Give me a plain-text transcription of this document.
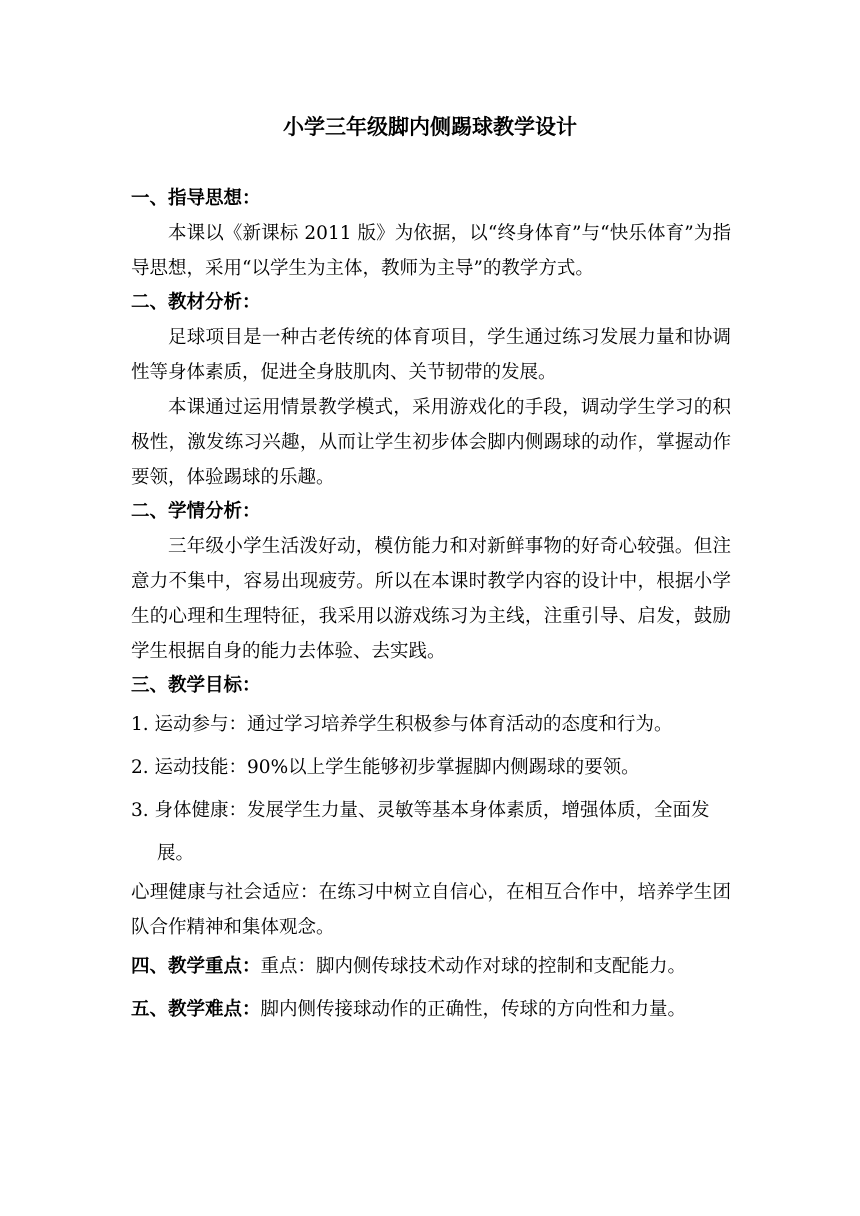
小学三年级脚内侧踢球教学设计

一、指导思想：

本课以《新课标 2011 版》为依据，以“终身体育”与“快乐体育”为指导思想，采用“以学生为主体，教师为主导”的教学方式。

二、教材分析：

足球项目是一种古老传统的体育项目，学生通过练习发展力量和协调性等身体素质，促进全身肢肌肉、关节韧带的发展。

本课通过运用情景教学模式，采用游戏化的手段，调动学生学习的积极性，激发练习兴趣，从而让学生初步体会脚内侧踢球的动作，掌握动作要领，体验踢球的乐趣。

二、学情分析：

三年级小学生活泼好动，模仿能力和对新鲜事物的好奇心较强。但注意力不集中，容易出现疲劳。所以在本课时教学内容的设计中，根据小学生的心理和生理特征，我采用以游戏练习为主线，注重引导、启发，鼓励学生根据自身的能力去体验、去实践。

三、教学目标：

1. 运动参与：通过学习培养学生积极参与体育活动的态度和行为。

2. 运动技能：90%以上学生能够初步掌握脚内侧踢球的要领。

3. 身体健康：发展学生力量、灵敏等基本身体素质，增强体质，全面发展。

心理健康与社会适应：在练习中树立自信心，在相互合作中，培养学生团队合作精神和集体观念。

四、教学重点：重点：脚内侧传球技术动作对球的控制和支配能力。

五、教学难点：脚内侧传接球动作的正确性，传球的方向性和力量。
